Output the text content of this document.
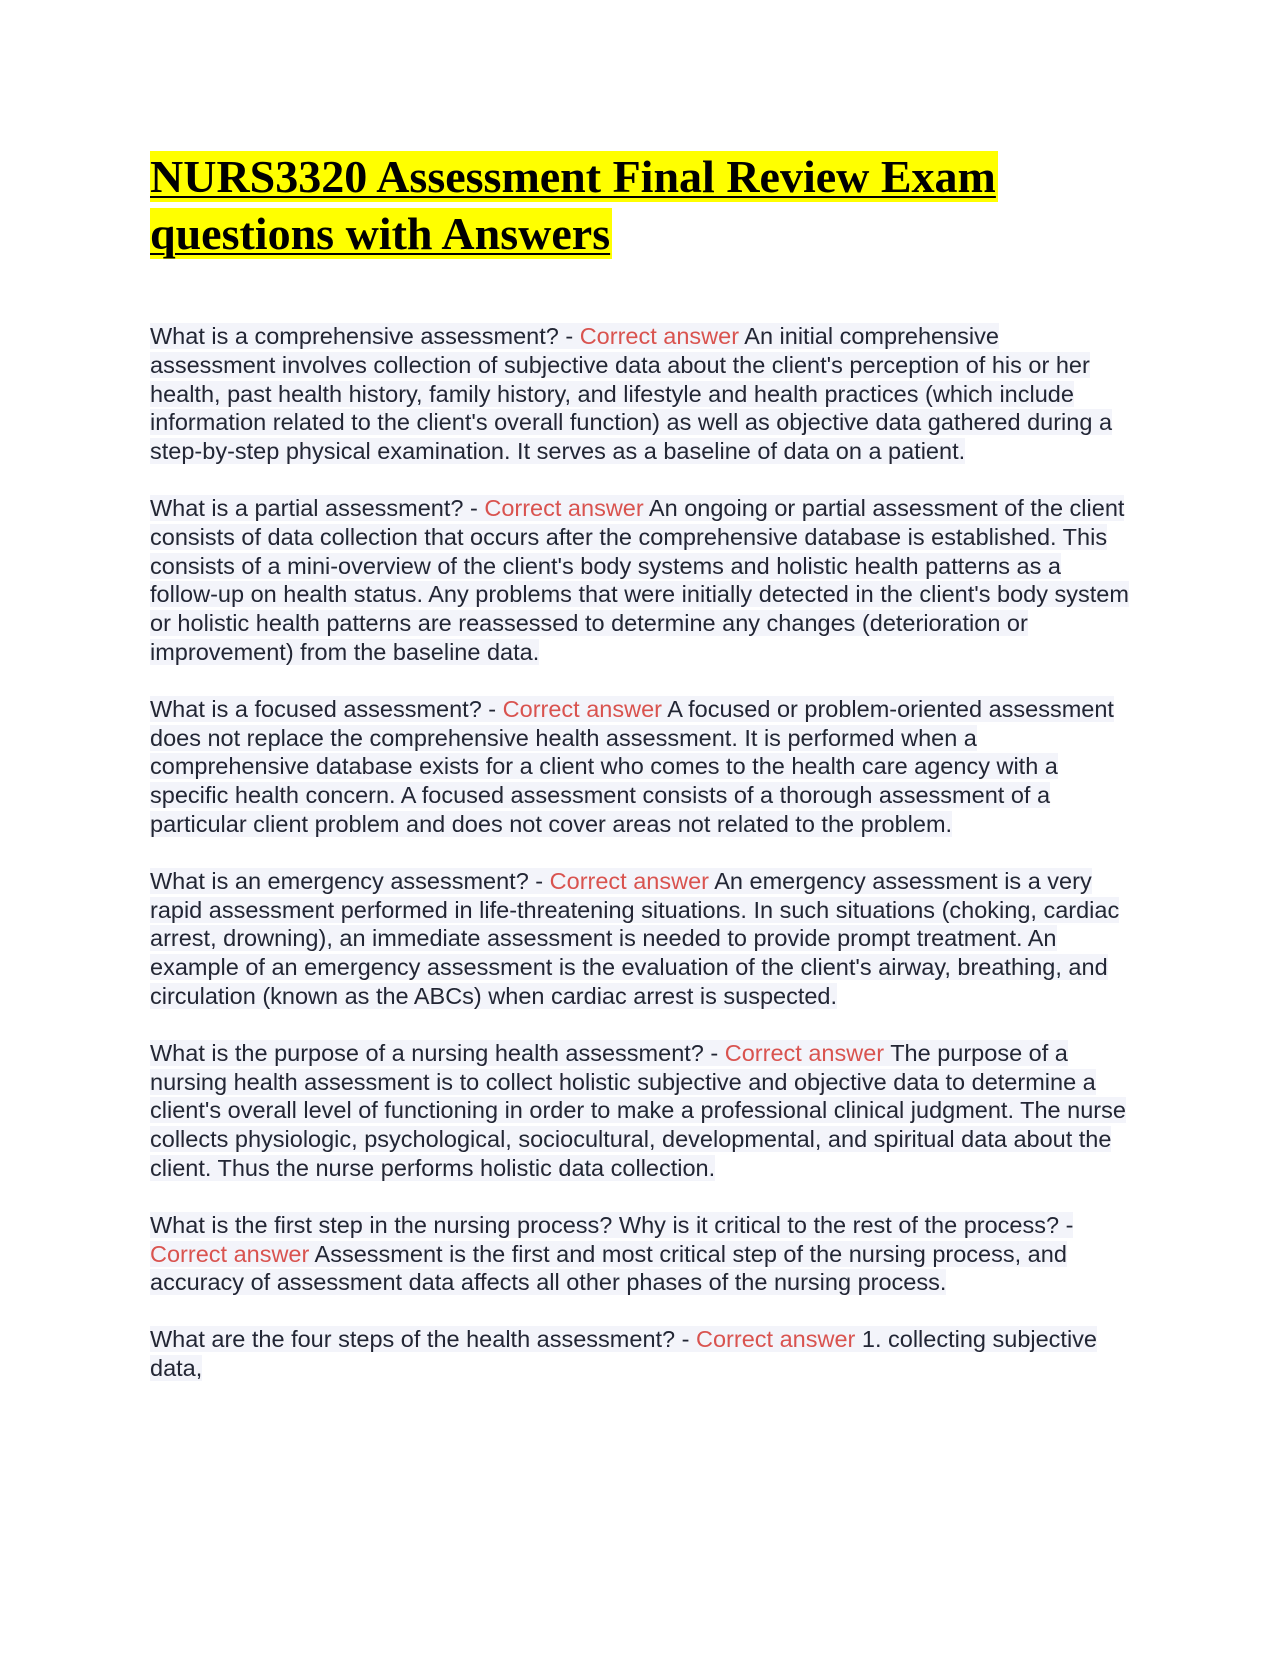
NURS3320 Assessment Final Review Exam
questions with Answers

What is a comprehensive assessment? - Correct answer An initial comprehensive assessment involves collection of subjective data about the client's perception of his or her health, past health history, family history, and lifestyle and health practices (which include information related to the client's overall function) as well as objective data gathered during a step-by-step physical examination. It serves as a baseline of data on a patient.

What is a partial assessment? - Correct answer An ongoing or partial assessment of the client consists of data collection that occurs after the comprehensive database is established. This consists of a mini-overview of the client's body systems and holistic health patterns as a follow-up on health status. Any problems that were initially detected in the client's body system or holistic health patterns are reassessed to determine any changes (deterioration or improvement) from the baseline data.

What is a focused assessment? - Correct answer A focused or problem-oriented assessment does not replace the comprehensive health assessment. It is performed when a comprehensive database exists for a client who comes to the health care agency with a specific health concern. A focused assessment consists of a thorough assessment of a particular client problem and does not cover areas not related to the problem.

What is an emergency assessment? - Correct answer An emergency assessment is a very rapid assessment performed in life-threatening situations. In such situations (choking, cardiac arrest, drowning), an immediate assessment is needed to provide prompt treatment. An example of an emergency assessment is the evaluation of the client's airway, breathing, and circulation (known as the ABCs) when cardiac arrest is suspected.

What is the purpose of a nursing health assessment? - Correct answer The purpose of a nursing health assessment is to collect holistic subjective and objective data to determine a client's overall level of functioning in order to make a professional clinical judgment. The nurse collects physiologic, psychological, sociocultural, developmental, and spiritual data about the client. Thus the nurse performs holistic data collection.

What is the first step in the nursing process? Why is it critical to the rest of the process? - Correct answer Assessment is the first and most critical step of the nursing process, and accuracy of assessment data affects all other phases of the nursing process.

What are the four steps of the health assessment? - Correct answer 1. collecting subjective data,
